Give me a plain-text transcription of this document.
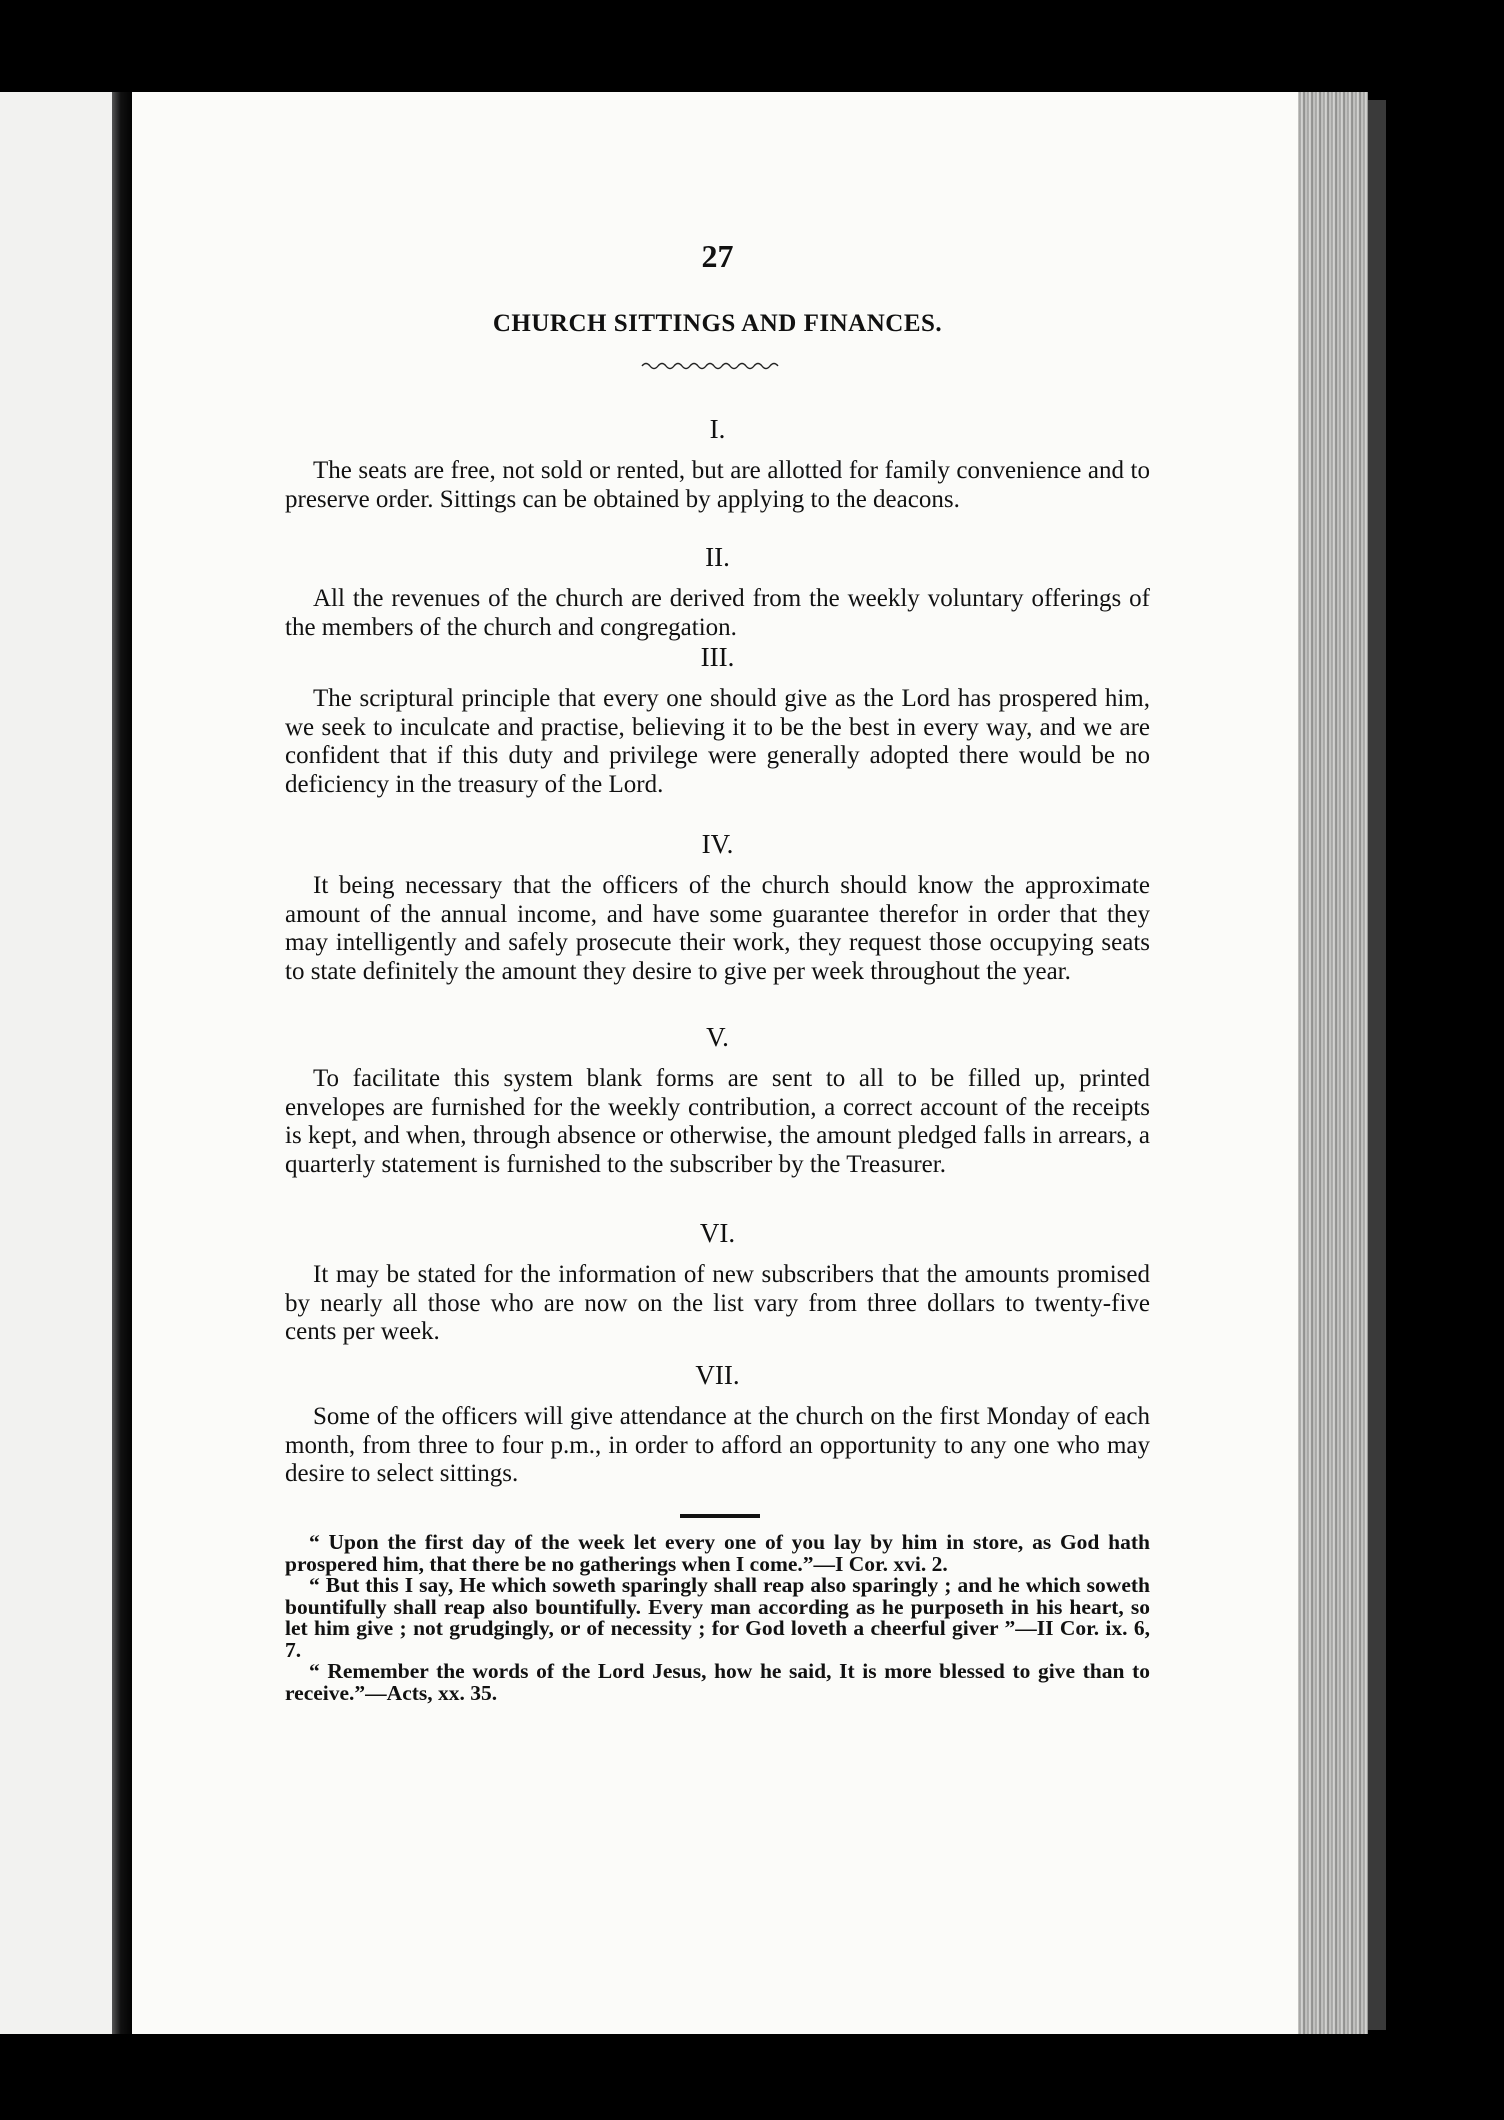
27
CHURCH SITTINGS AND FINANCES.
I.

The seats are free, not sold or rented, but are allotted for family convenience and to preserve order. Sittings can be obtained by applying to the deacons.

II.

All the revenues of the church are derived from the weekly voluntary offerings of the members of the church and congregation.

III.

The scriptural principle that every one should give as the Lord has prospered him, we seek to inculcate and practise, believing it to be the best in every way, and we are confident that if this duty and privilege were generally adopted there would be no deficiency in the treasury of the Lord.

IV.

It being necessary that the officers of the church should know the approximate amount of the annual income, and have some guarantee therefor in order that they may intelligently and safely prosecute their work, they request those occupying seats to state definitely the amount they desire to give per week throughout the year.

V.

To facilitate this system blank forms are sent to all to be filled up, printed envelopes are furnished for the weekly contribution, a correct account of the receipts is kept, and when, through absence or otherwise, the amount pledged falls in arrears, a quarterly statement is furnished to the subscriber by the Treasurer.

VI.

It may be stated for the information of new subscribers that the amounts promised by nearly all those who are now on the list vary from three dollars to twenty-five cents per week.

VII.

Some of the officers will give attendance at the church on the first Monday of each month, from three to four p.m., in order to afford an opportunity to any one who may desire to select sittings.

“ Upon the first day of the week let every one of you lay by him in store, as God hath prospered him, that there be no gatherings when I come.”—I Cor. xvi. 2.

“ But this I say, He which soweth sparingly shall reap also sparingly ; and he which soweth bountifully shall reap also bountifully. Every man according as he purposeth in his heart, so let him give ; not grudgingly, or of necessity ; for God loveth a cheerful giver ”—II Cor. ix. 6, 7.

“ Remember the words of the Lord Jesus, how he said, It is more blessed to give than to receive.”—Acts, xx. 35.
